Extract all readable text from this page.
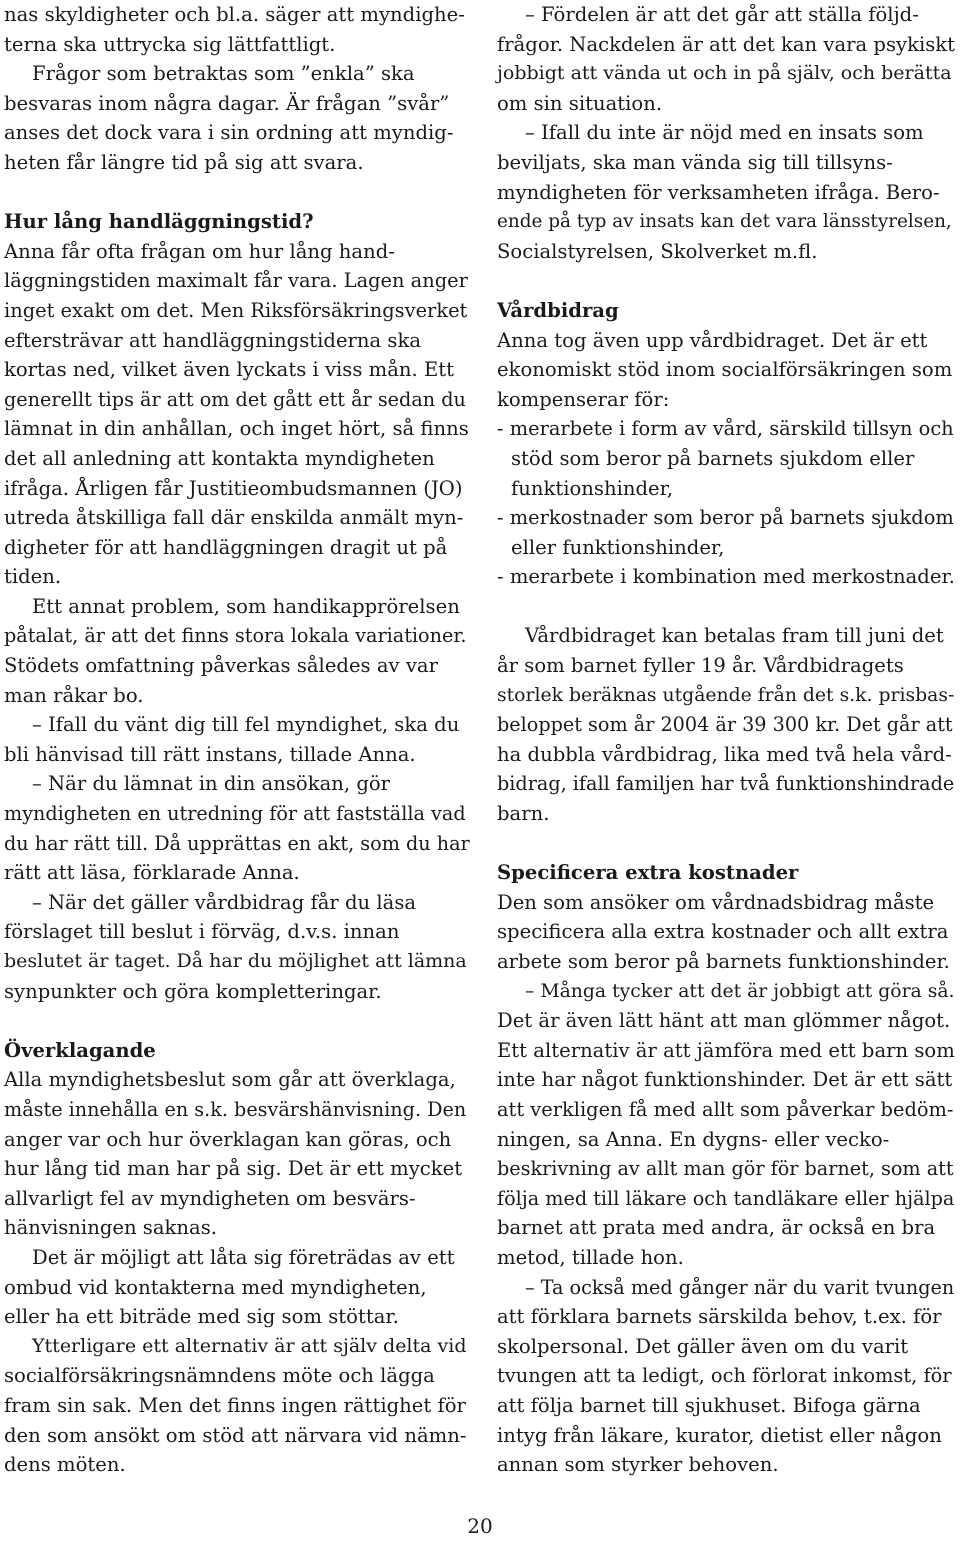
nas skyldigheter och bl.a. säger att myndighe-

terna ska uttrycka sig lättfattligt.

Frågor som betraktas som ”enkla” ska

besvaras inom några dagar. Är frågan ”svår”

anses det dock vara i sin ordning att myndig-

heten får längre tid på sig att svara.

Hur lång handläggningstid?

Anna får ofta frågan om hur lång hand-

läggningstiden maximalt får vara. Lagen anger

inget exakt om det. Men Riksförsäkringsverket

eftersträvar att handläggningstiderna ska

kortas ned, vilket även lyckats i viss mån. Ett

generellt tips är att om det gått ett år sedan du

lämnat in din anhållan, och inget hört, så finns

det all anledning att kontakta myndigheten

ifråga. Årligen får Justitieombudsmannen (JO)

utreda åtskilliga fall där enskilda anmält myn-

digheter för att handläggningen dragit ut på

tiden.

Ett annat problem, som handikapprörelsen

påtalat, är att det finns stora lokala variationer.

Stödets omfattning påverkas således av var

man råkar bo.

– Ifall du vänt dig till fel myndighet, ska du

bli hänvisad till rätt instans, tillade Anna.

– När du lämnat in din ansökan, gör

myndigheten en utredning för att fastställa vad

du har rätt till. Då upprättas en akt, som du har

rätt att läsa, förklarade Anna.

– När det gäller vårdbidrag får du läsa

förslaget till beslut i förväg, d.v.s. innan

beslutet är taget. Då har du möjlighet att lämna

synpunkter och göra kompletteringar.

Överklagande

Alla myndighetsbeslut som går att överklaga,

måste innehålla en s.k. besvärshänvisning. Den

anger var och hur överklagan kan göras, och

hur lång tid man har på sig. Det är ett mycket

allvarligt fel av myndigheten om besvärs-

hänvisningen saknas.

Det är möjligt att låta sig företrädas av ett

ombud vid kontakterna med myndigheten,

eller ha ett biträde med sig som stöttar.

Ytterligare ett alternativ är att själv delta vid

socialförsäkringsnämndens möte och lägga

fram sin sak. Men det finns ingen rättighet för

den som ansökt om stöd att närvara vid nämn-

dens möten.

– Fördelen är att det går att ställa följd-

frågor. Nackdelen är att det kan vara psykiskt

jobbigt att vända ut och in på själv, och berätta

om sin situation.

– Ifall du inte är nöjd med en insats som

beviljats, ska man vända sig till tillsyns-

myndigheten för verksamheten ifråga. Bero-

ende på typ av insats kan det vara länsstyrelsen,

Socialstyrelsen, Skolverket m.fl.

Vårdbidrag

Anna tog även upp vårdbidraget. Det är ett

ekonomiskt stöd inom socialförsäkringen som

kompenserar för:

- merarbete i form av vård, särskild tillsyn och

stöd som beror på barnets sjukdom eller

funktionshinder,

- merkostnader som beror på barnets sjukdom

eller funktionshinder,

- merarbete i kombination med merkostnader.

Vårdbidraget kan betalas fram till juni det

år som barnet fyller 19 år. Vårdbidragets

storlek beräknas utgående från det s.k. prisbas-

beloppet som år 2004 är 39 300 kr. Det går att

ha dubbla vårdbidrag, lika med två hela vård-

bidrag, ifall familjen har två funktionshindrade

barn.

Specificera extra kostnader

Den som ansöker om vårdnadsbidrag måste

specificera alla extra kostnader och allt extra

arbete som beror på barnets funktionshinder.

– Många tycker att det är jobbigt att göra så.

Det är även lätt hänt att man glömmer något.

Ett alternativ är att jämföra med ett barn som

inte har något funktionshinder. Det är ett sätt

att verkligen få med allt som påverkar bedöm-

ningen, sa Anna. En dygns- eller vecko-

beskrivning av allt man gör för barnet, som att

följa med till läkare och tandläkare eller hjälpa

barnet att prata med andra, är också en bra

metod, tillade hon.

– Ta också med gånger när du varit tvungen

att förklara barnets särskilda behov, t.ex. för

skolpersonal. Det gäller även om du varit

tvungen att ta ledigt, och förlorat inkomst, för

att följa barnet till sjukhuset. Bifoga gärna

intyg från läkare, kurator, dietist eller någon

annan som styrker behoven.

20
